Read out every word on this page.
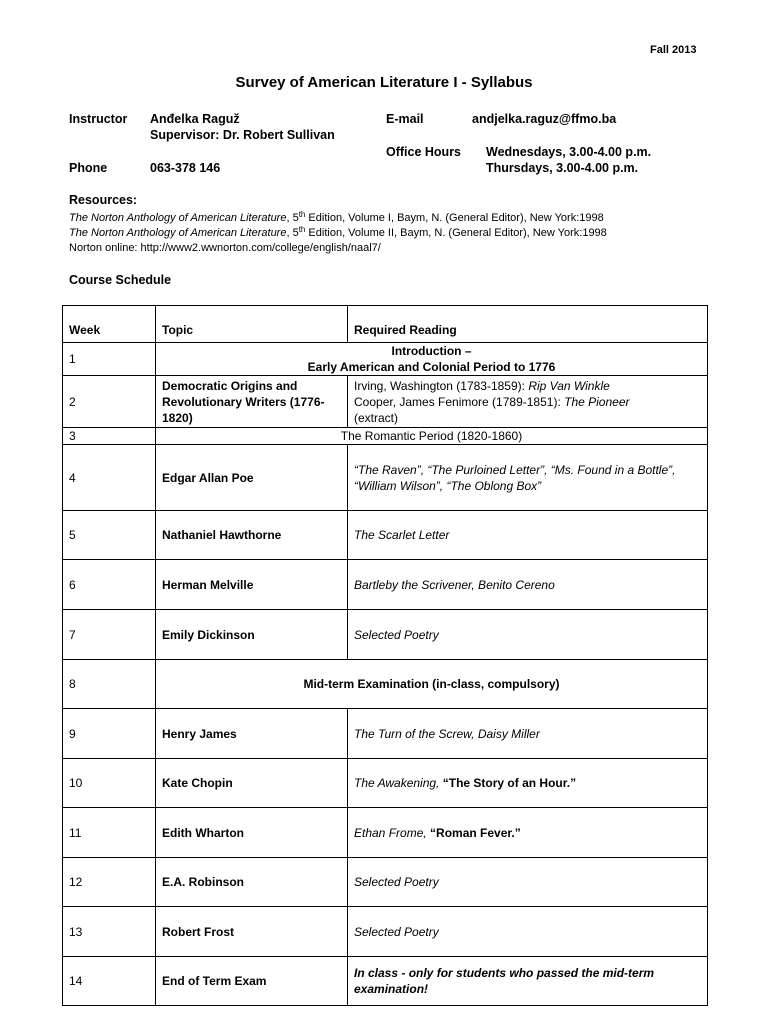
Fall 2013
Survey of American Literature I - Syllabus
Instructor Anđelka Raguž
Supervisor: Dr. Robert Sullivan
E-mail	andjelka.raguz@ffmo.ba
Phone	063-378 146
Office Hours Wednesdays, 3.00-4.00 p.m.
Thursdays, 3.00-4.00 p.m.
Resources:
The Norton Anthology of American Literature, 5th Edition, Volume I, Baym, N. (General Editor), New York:1998
The Norton Anthology of American Literature, 5th Edition, Volume II, Baym, N. (General Editor), New York:1998
Norton online: http://www2.wwnorton.com/college/english/naal7/
Course Schedule
Week	Topic	Required Reading
1	Introduction –
Early American and Colonial Period to 1776	

2	Democratic Origins and Revolutionary Writers (1776-1820)	Irving, Washington (1783-1859): Rip Van Winkle
Cooper, James Fenimore (1789-1851): The Pioneer
(extract)

3	The Romantic Period (1820-1860)	
4	Edgar Allan Poe	“The Raven”, “The Purloined Letter”, “Ms. Found in a Bottle”, “William Wilson”, “The Oblong Box”
5	Nathaniel Hawthorne	The Scarlet Letter
6	Herman Melville	Bartleby the Scrivener, Benito Cereno
7	Emily Dickinson	Selected Poetry
8	Mid-term Examination (in-class, compulsory)	
9	Henry James	The Turn of the Screw, Daisy Miller
10	Kate Chopin	The Awakening, “The Story of an Hour.”
11	Edith Wharton	Ethan Frome, “Roman Fever.”
12	E.A. Robinson	Selected Poetry
13	Robert Frost	Selected Poetry
14	End of Term Exam	In class - only for students who passed the mid-term examination!
